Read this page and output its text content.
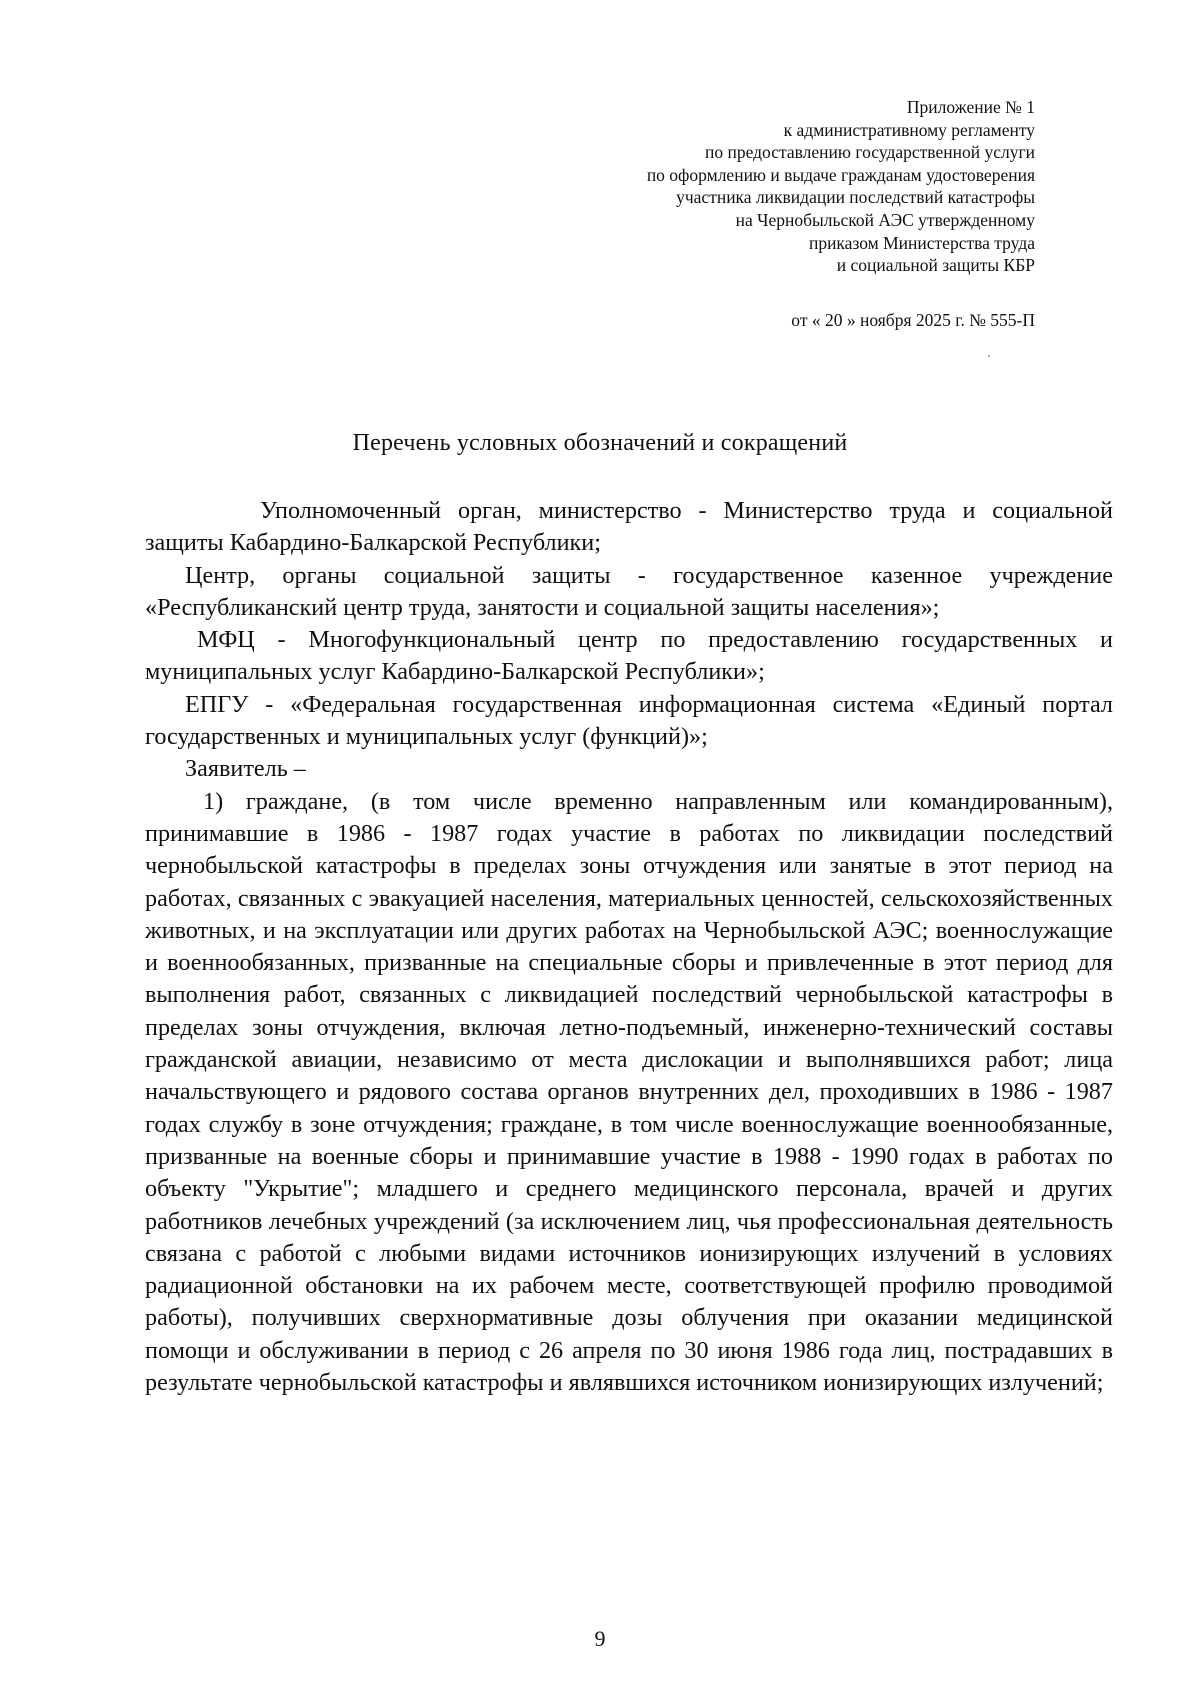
Приложение № 1
к административному регламенту
по предоставлению государственной услуги
по оформлению и выдаче гражданам удостоверения
участника ликвидации последствий катастрофы
на Чернобыльской АЭС утвержденному
приказом Министерства труда
и социальной защиты КБР
от « 20 » ноября 2025 г. № 555-П
Перечень условных обозначений и сокращений

Уполномоченный орган, министерство - Министерство труда и социальной защиты Кабардино-Балкарской Республики;

Центр, органы социальной защиты - государственное казенное учреждение «Республиканский центр труда, занятости и социальной защиты населения»;

МФЦ - Многофункциональный центр по предоставлению государственных и муниципальных услуг Кабардино-Балкарской Республики»;

ЕПГУ - «Федеральная государственная информационная система «Единый портал государственных и муниципальных услуг (функций)»;

Заявитель –

1) граждане, (в том числе временно направленным или командированным), принимавшие в 1986 - 1987 годах участие в работах по ликвидации последствий чернобыльской катастрофы в пределах зоны отчуждения или занятые в этот период на работах, связанных с эвакуацией населения, материальных ценностей, сельскохозяйственных животных, и на эксплуатации или других работах на Чернобыльской АЭС; военнослужащие и военнообязанных, призванные на специальные сборы и привлеченные в этот период для выполнения работ, связанных с ликвидацией последствий чернобыльской катастрофы в пределах зоны отчуждения, включая летно-подъемный, инженерно-технический составы гражданской авиации, независимо от места дислокации и выполнявшихся работ; лица начальствующего и рядового состава органов внутренних дел, проходивших в 1986 - 1987 годах службу в зоне отчуждения; граждане, в том числе военнослужащие военнообязанные, призванные на военные сборы и принимавшие участие в 1988 - 1990 годах в работах по объекту "Укрытие"; младшего и среднего медицинского персонала, врачей и других работников лечебных учреждений (за исключением лиц, чья профессиональная деятельность связана с работой с любыми видами источников ионизирующих излучений в условиях радиационной обстановки на их рабочем месте, соответствующей профилю проводимой работы), получивших сверхнормативные дозы облучения при оказании медицинской помощи и обслуживании в период с 26 апреля по 30 июня 1986 года лиц, пострадавших в результате чернобыльской катастрофы и являвшихся источником ионизирующих излучений;

9
